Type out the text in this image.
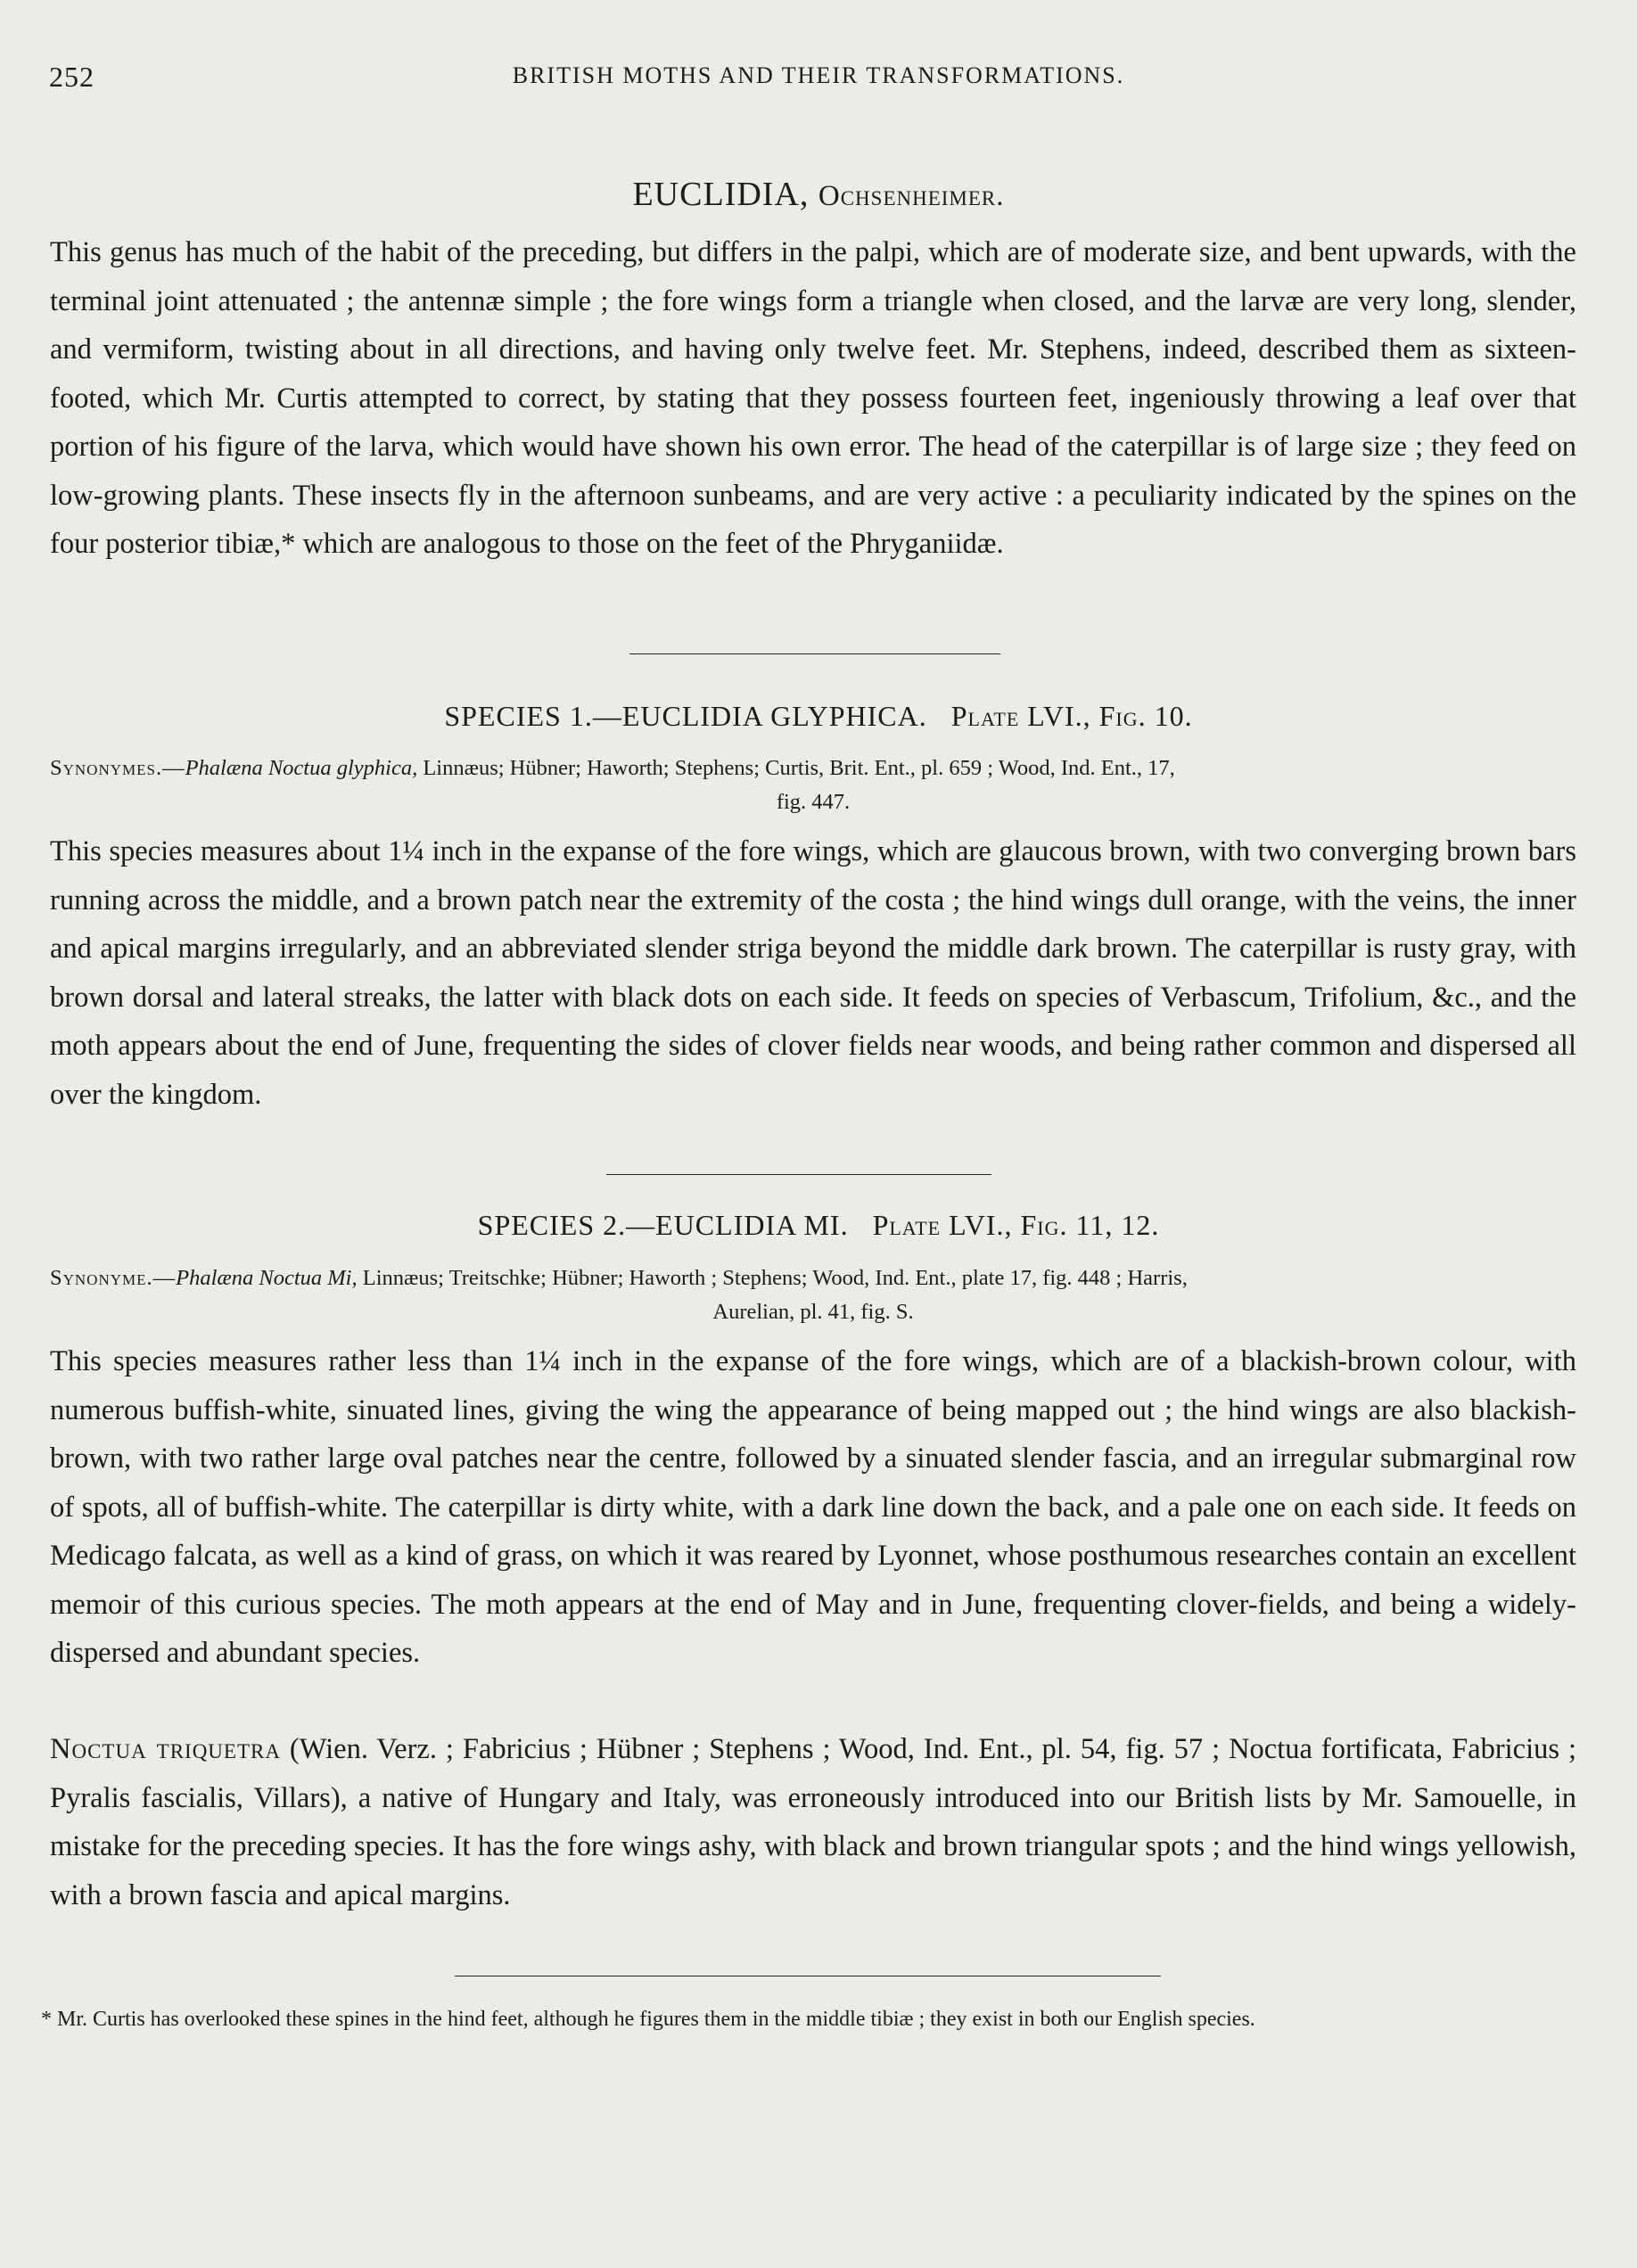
252	BRITISH MOTHS AND THEIR TRANSFORMATIONS.
EUCLIDIA, Ochsenheimer.
This genus has much of the habit of the preceding, but differs in the palpi, which are of moderate size, and bent upwards, with the terminal joint attenuated ; the antennæ simple ; the fore wings form a triangle when closed, and the larvæ are very long, slender, and vermiform, twisting about in all directions, and having only twelve feet. Mr. Stephens, indeed, described them as sixteen-footed, which Mr. Curtis attempted to correct, by stating that they possess fourteen feet, ingeniously throwing a leaf over that portion of his figure of the larva, which would have shown his own error. The head of the caterpillar is of large size ; they feed on low-growing plants. These insects fly in the afternoon sunbeams, and are very active : a peculiarity indicated by the spines on the four posterior tibiæ,* which are analogous to those on the feet of the Phryganiidæ.
SPECIES 1.—EUCLIDIA GLYPHICA. Plate LVI., Fig. 10.
Synonymes.—Phalæna Noctua glyphica, Linnæus; Hübner; Haworth; Stephens; Curtis, Brit. Ent., pl. 659 ; Wood, Ind. Ent., 17,
fig. 447.
This species measures about 1¼ inch in the expanse of the fore wings, which are glaucous brown, with two converging brown bars running across the middle, and a brown patch near the extremity of the costa ; the hind wings dull orange, with the veins, the inner and apical margins irregularly, and an abbreviated slender striga beyond the middle dark brown. The caterpillar is rusty gray, with brown dorsal and lateral streaks, the latter with black dots on each side. It feeds on species of Verbascum, Trifolium, &c., and the moth appears about the end of June, frequenting the sides of clover fields near woods, and being rather common and dispersed all over the kingdom.
SPECIES 2.—EUCLIDIA MI. Plate LVI., Fig. 11, 12.
Synonyme.—Phalæna Noctua Mi, Linnæus; Treitschke; Hübner; Haworth ; Stephens; Wood, Ind. Ent., plate 17, fig. 448 ; Harris,
Aurelian, pl. 41, fig. S.
This species measures rather less than 1¼ inch in the expanse of the fore wings, which are of a blackish-brown colour, with numerous buffish-white, sinuated lines, giving the wing the appearance of being mapped out ; the hind wings are also blackish-brown, with two rather large oval patches near the centre, followed by a sinuated slender fascia, and an irregular submarginal row of spots, all of buffish-white. The caterpillar is dirty white, with a dark line down the back, and a pale one on each side. It feeds on Medicago falcata, as well as a kind of grass, on which it was reared by Lyonnet, whose posthumous researches contain an excellent memoir of this curious species. The moth appears at the end of May and in June, frequenting clover-fields, and being a widely-dispersed and abundant species.
Noctua triquetra (Wien. Verz. ; Fabricius ; Hübner ; Stephens ; Wood, Ind. Ent., pl. 54, fig. 57 ; Noctua fortificata, Fabricius ; Pyralis fascialis, Villars), a native of Hungary and Italy, was erroneously introduced into our British lists by Mr. Samouelle, in mistake for the preceding species. It has the fore wings ashy, with black and brown triangular spots ; and the hind wings yellowish, with a brown fascia and apical margins.
* Mr. Curtis has overlooked these spines in the hind feet, although he figures them in the middle tibiæ ; they exist in both our English species.
